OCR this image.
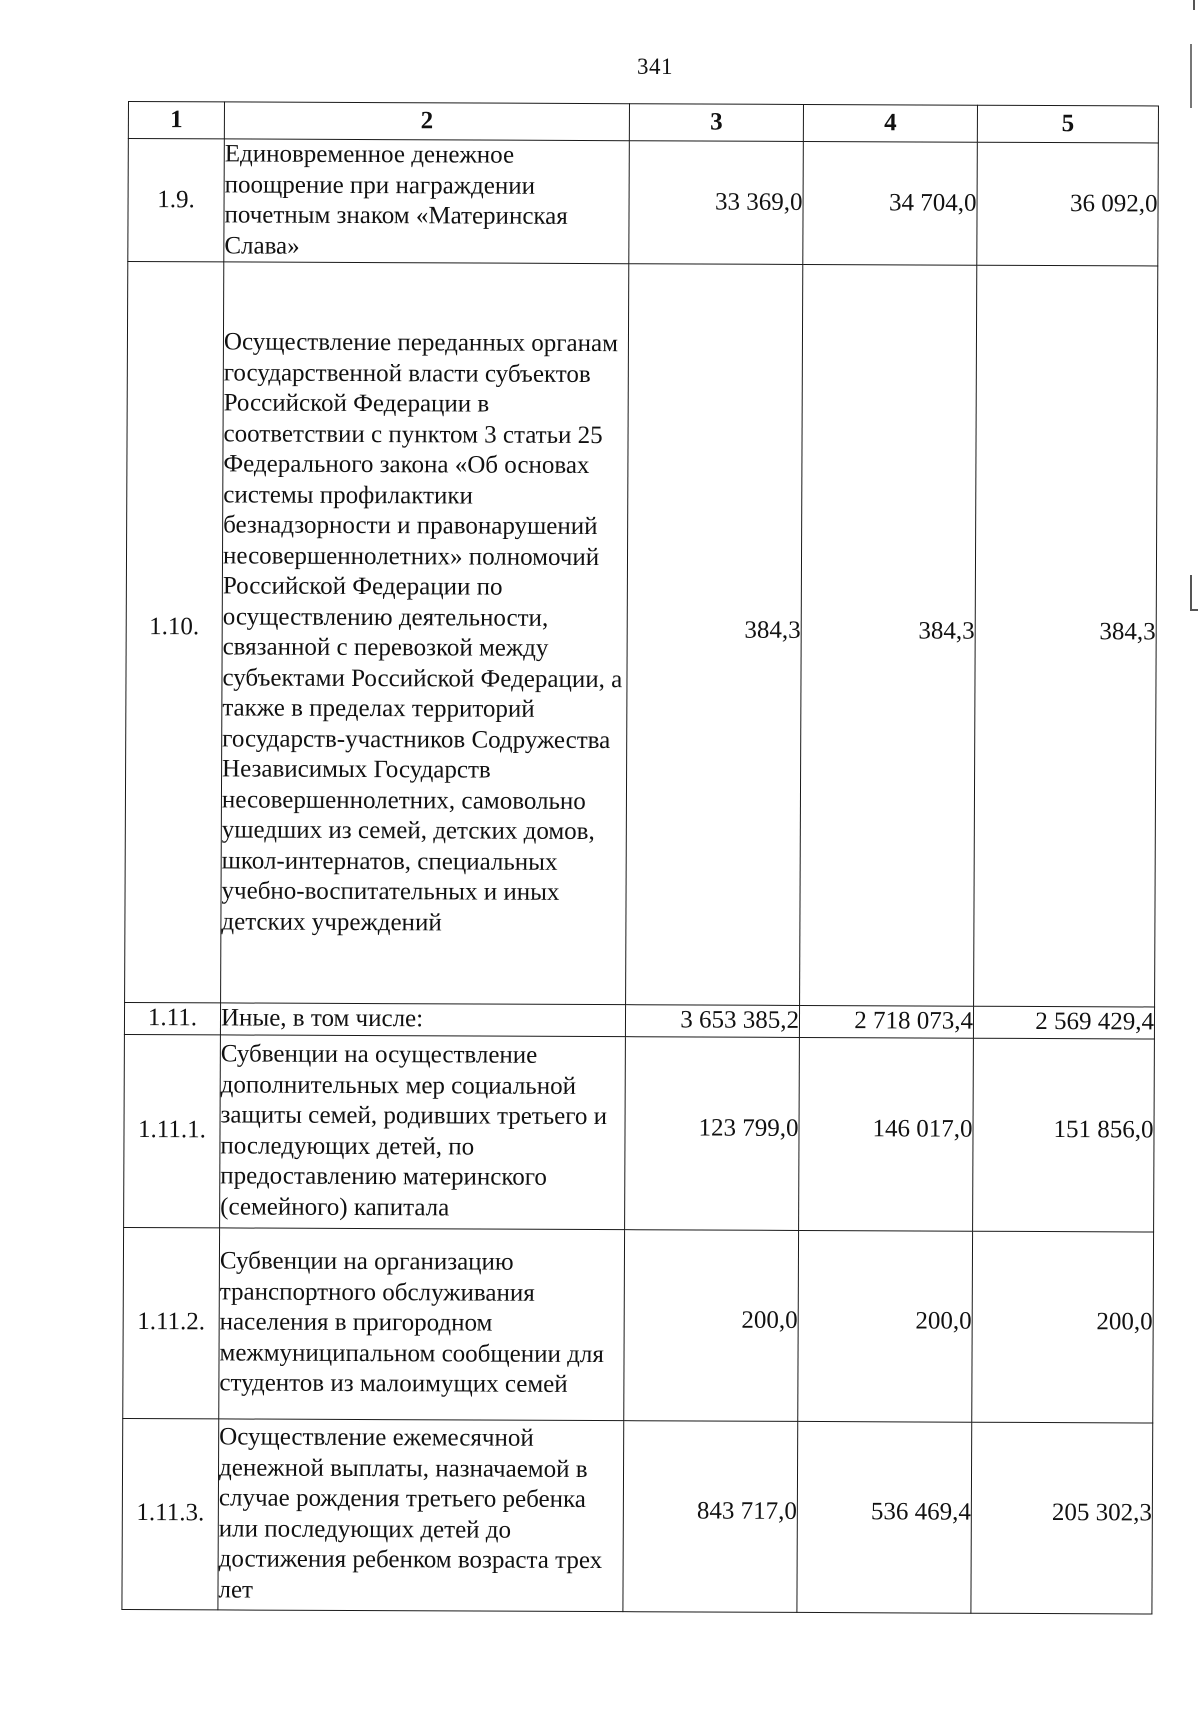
341
1	2	3	4	5
1.9.	Единовременное денежное поощрение при награждении почетным знаком «Материнская Слава»	33 369,0	34 704,0	36 092,0
1.10.	Осуществление переданных органам государственной власти субъектов Российской Федерации в соответствии с пунктом 3 статьи 25 Федерального закона «Об основах системы профилактики безнадзорности и правонарушений несовершеннолетних» полномочий Российской Федерации по осуществлению деятельности, связанной с перевозкой между субъектами Российской Федерации, а также в пределах территорий государств-участников Содружества Независимых Государств несовершеннолетних, самовольно ушедших из семей, детских домов, школ-интернатов, специальных учебно-воспитательных и иных детских учреждений	384,3	384,3	384,3
1.11.	Иные, в том числе:	3 653 385,2	2 718 073,4	2 569 429,4
1.11.1.	Субвенции на осуществление дополнительных мер социальной защиты семей, родивших третьего и последующих детей, по предоставлению материнского (семейного) капитала	123 799,0	146 017,0	151 856,0
1.11.2.	Субвенции на организацию транспортного обслуживания населения в пригородном межмуниципальном сообщении для студентов из малоимущих семей	200,0	200,0	200,0
1.11.3.	Осуществление ежемесячной денежной выплаты, назначаемой в случае рождения третьего ребенка или последующих детей до достижения ребенком возраста трех лет	843 717,0	536 469,4	205 302,3
